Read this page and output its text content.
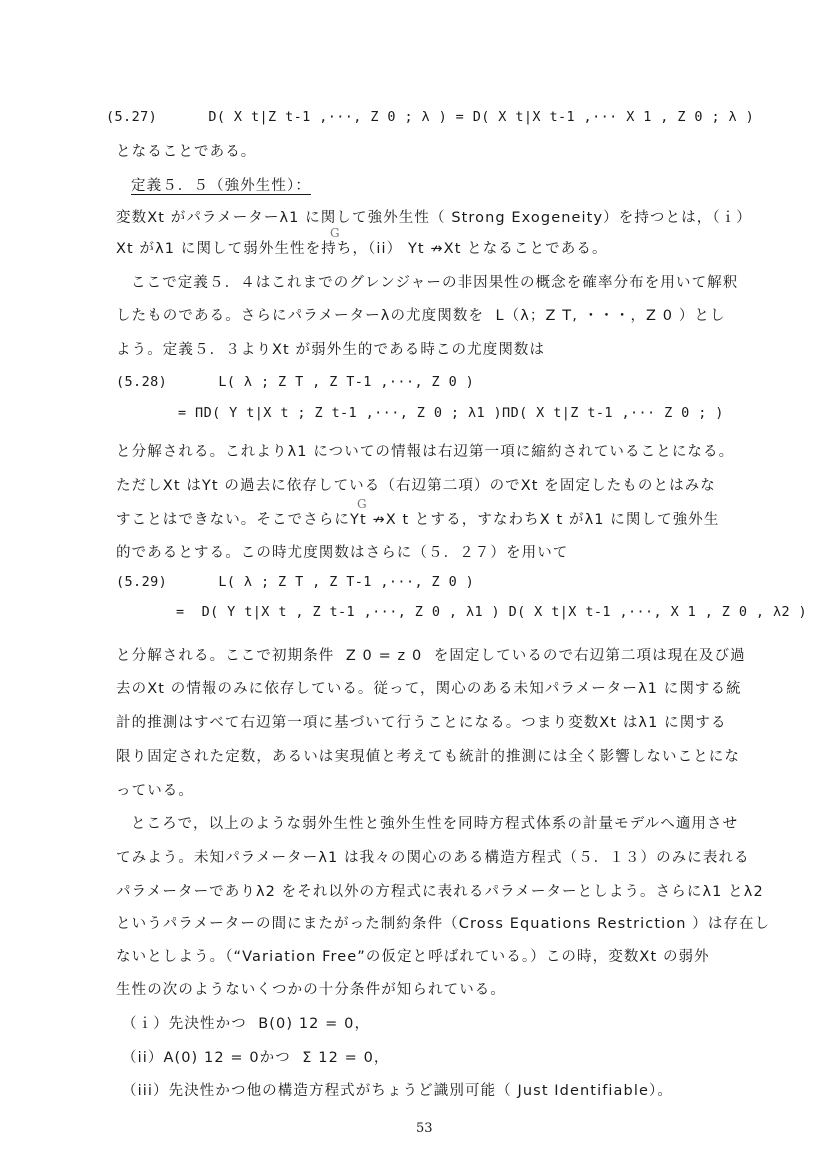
(5.27)      D( X t|Z t-1 ,···, Z 0 ; λ ) = D( X t|X t-1 ,··· X 1 , Z 0 ; λ )
となることである。
定義５．５（強外生性）：
変数Xt がパラメーターλ1 に関して強外生性（ Strong Exogeneity）を持つとは，（ｉ）
G
Xt がλ1 に関して弱外生性を持ち，（ii） Yt ↛Xt となることである。
ここで定義５．４はこれまでのグレンジャーの非因果性の概念を確率分布を用いて解釈
したものである。さらにパラメーターλの尤度関数を  L（λ；Z T, ・・・，Z 0 ）とし
よう。定義５．３よりXt が弱外生的である時この尤度関数は
(5.28)      L( λ ; Z T , Z T-1 ,···, Z 0 )
= ΠD( Y t|X t ; Z t-1 ,···, Z 0 ; λ1 )ΠD( X t|Z t-1 ,··· Z 0 ; )
と分解される。これよりλ1 についての情報は右辺第一項に縮約されていることになる。
ただしXt はYt の過去に依存している（右辺第二項）のでXt を固定したものとはみな
G
すことはできない。そこでさらにYt ↛X t とする，すなわちX t がλ1 に関して強外生
的であるとする。この時尤度関数はさらに（５．２７）を用いて
(5.29)      L( λ ; Z T , Z T-1 ,···, Z 0 )
=  D( Y t|X t , Z t-1 ,···, Z 0 , λ1 ) D( X t|X t-1 ,···, X 1 , Z 0 , λ2 )
と分解される。ここで初期条件  Z 0 = z 0  を固定しているので右辺第二項は現在及び過
去のXt の情報のみに依存している。従って，関心のある未知パラメーターλ1 に関する統
計的推測はすべて右辺第一項に基づいて行うことになる。つまり変数Xt はλ1 に関する
限り固定された定数，あるいは実現値と考えても統計的推測には全く影響しないことにな
っている。
ところで，以上のような弱外生性と強外生性を同時方程式体系の計量モデルへ適用させ
てみよう。未知パラメーターλ1 は我々の関心のある構造方程式（５．１３）のみに表れる
パラメーターでありλ2 をそれ以外の方程式に表れるパラメーターとしよう。さらにλ1 とλ2
というパラメーターの間にまたがった制約条件（Cross Equations Restriction ）は存在し
ないとしよう。（“Variation Free”の仮定と呼ばれている。）この時，変数Xt の弱外
生性の次のようないくつかの十分条件が知られている。
（ｉ）先決性かつ  B(0) 12 = 0，
（ii）A(0) 12 = 0かつ  Σ 12 = 0，
（iii）先決性かつ他の構造方程式がちょうど識別可能（ Just Identifiable）。
53
